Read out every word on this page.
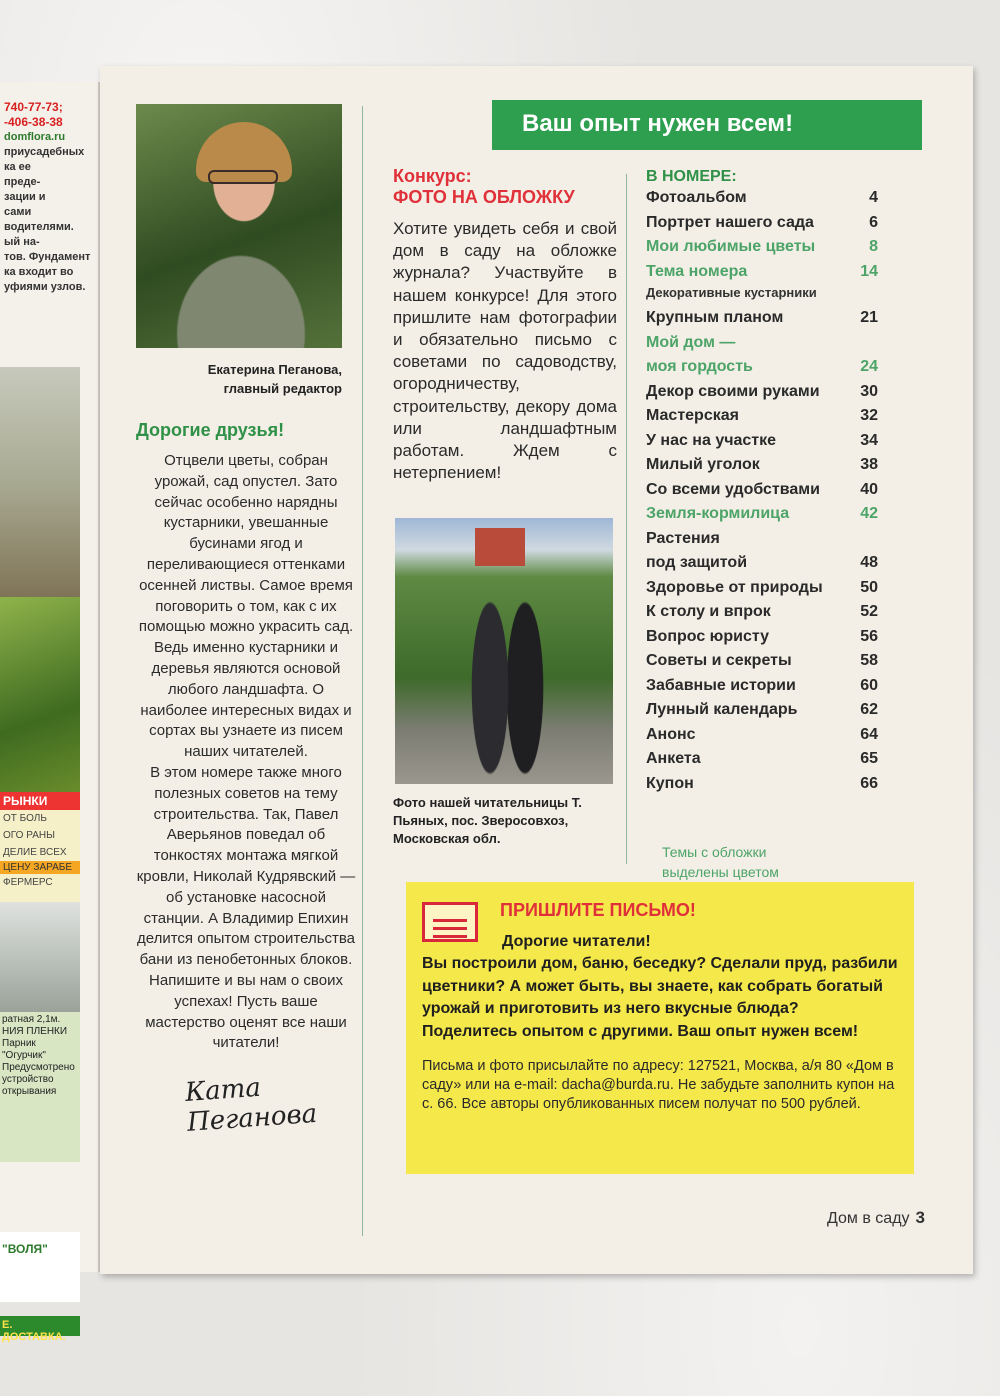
740-77-73;
-406-38-38
domflora.ru
приусадебных
ка ее
преде-
зации и
сами
водителями.
ый на-
тов. Фундамент
ка входит во
уфиями узлов.
РЫНКИ
ОТ БОЛЬ
ОГО РАНЫ
ДЕЛИЕ ВСЕХ
ЦЕНУ ЗАРАБЕ
ФЕРМЕРС
ратная 2,1м.
НИЯ ПЛЕНКИ
Парник
"Огурчик"
Предусмотрено
устройство открывания
"ВОЛЯ"
Е. ДОСТАВКА.
Екатерина Пеганова,
главный редактор
Дорогие друзья!

Отцвели цветы, собран урожай, сад опустел. Зато сейчас особенно нарядны кустарники, увешанные бусинами ягод и переливающиеся оттенками осенней листвы. Самое время поговорить о том, как с их помощью можно украсить сад. Ведь именно кустарники и деревья являются основой любого ландшафта. О наиболее интересных видах и сортах вы узнаете из писем наших читателей.

В этом номере также много полезных советов на тему строительства. Так, Павел Аверьянов поведал об тонкостях монтажа мягкой кровли, Николай Кудрявский — об установке насосной станции. А Владимир Епихин делится опытом строительства бани из пенобетонных блоков.

Напишите и вы нам о своих успехах! Пусть ваше мастерство оценят все наши читатели!

Ката Пеганова
Ваш опыт нужен всем!
Конкурс:
ФОТО НА ОБЛОЖКУ
Хотите увидеть себя и свой дом в саду на обложке журнала? Участвуйте в нашем конкурсе! Для этого пришлите нам фотографии и обязательно письмо с советами по садоводству, огородничеству, строительству, декору дома или ландшафтным работам. Ждем с нетерпением!
Фото нашей читательницы Т. Пьяных, пос. Зверосовхоз, Московская обл.
В НОМЕРЕ:
Фотоальбом	4
Портрет нашего сада	6
Мои любимые цветы	8
Тема номера	14
Декоративные кустарники
Крупным планом	21
Мой дом —
моя гордость	24
Декор своими руками	30
Мастерская	32
У нас на участке	34
Милый уголок	38
Со всеми удобствами	40
Земля-кормилица	42
Растения
под защитой	48
Здоровье от природы	50
К столу и впрок	52
Вопрос юристу	56
Советы и секреты	58
Забавные истории	60
Лунный календарь	62
Анонс	64
Анкета	65
Купон	66
Темы с обложки
выделены цветом
ПРИШЛИТЕ ПИСЬМО!
Дорогие читатели!
Вы построили дом, баню, беседку? Сделали пруд, разбили цветники? А может быть, вы знаете, как собрать богатый урожай и приготовить из него вкусные блюда? Поделитесь опытом с другими. Ваш опыт нужен всем!
Письма и фото присылайте по адресу: 127521, Москва, а/я 80 «Дом в саду» или на e-mail: dacha@burda.ru. Не забудьте заполнить купон на с. 66. Все авторы опубликованных писем получат по 500 рублей.
Дом в саду 3
